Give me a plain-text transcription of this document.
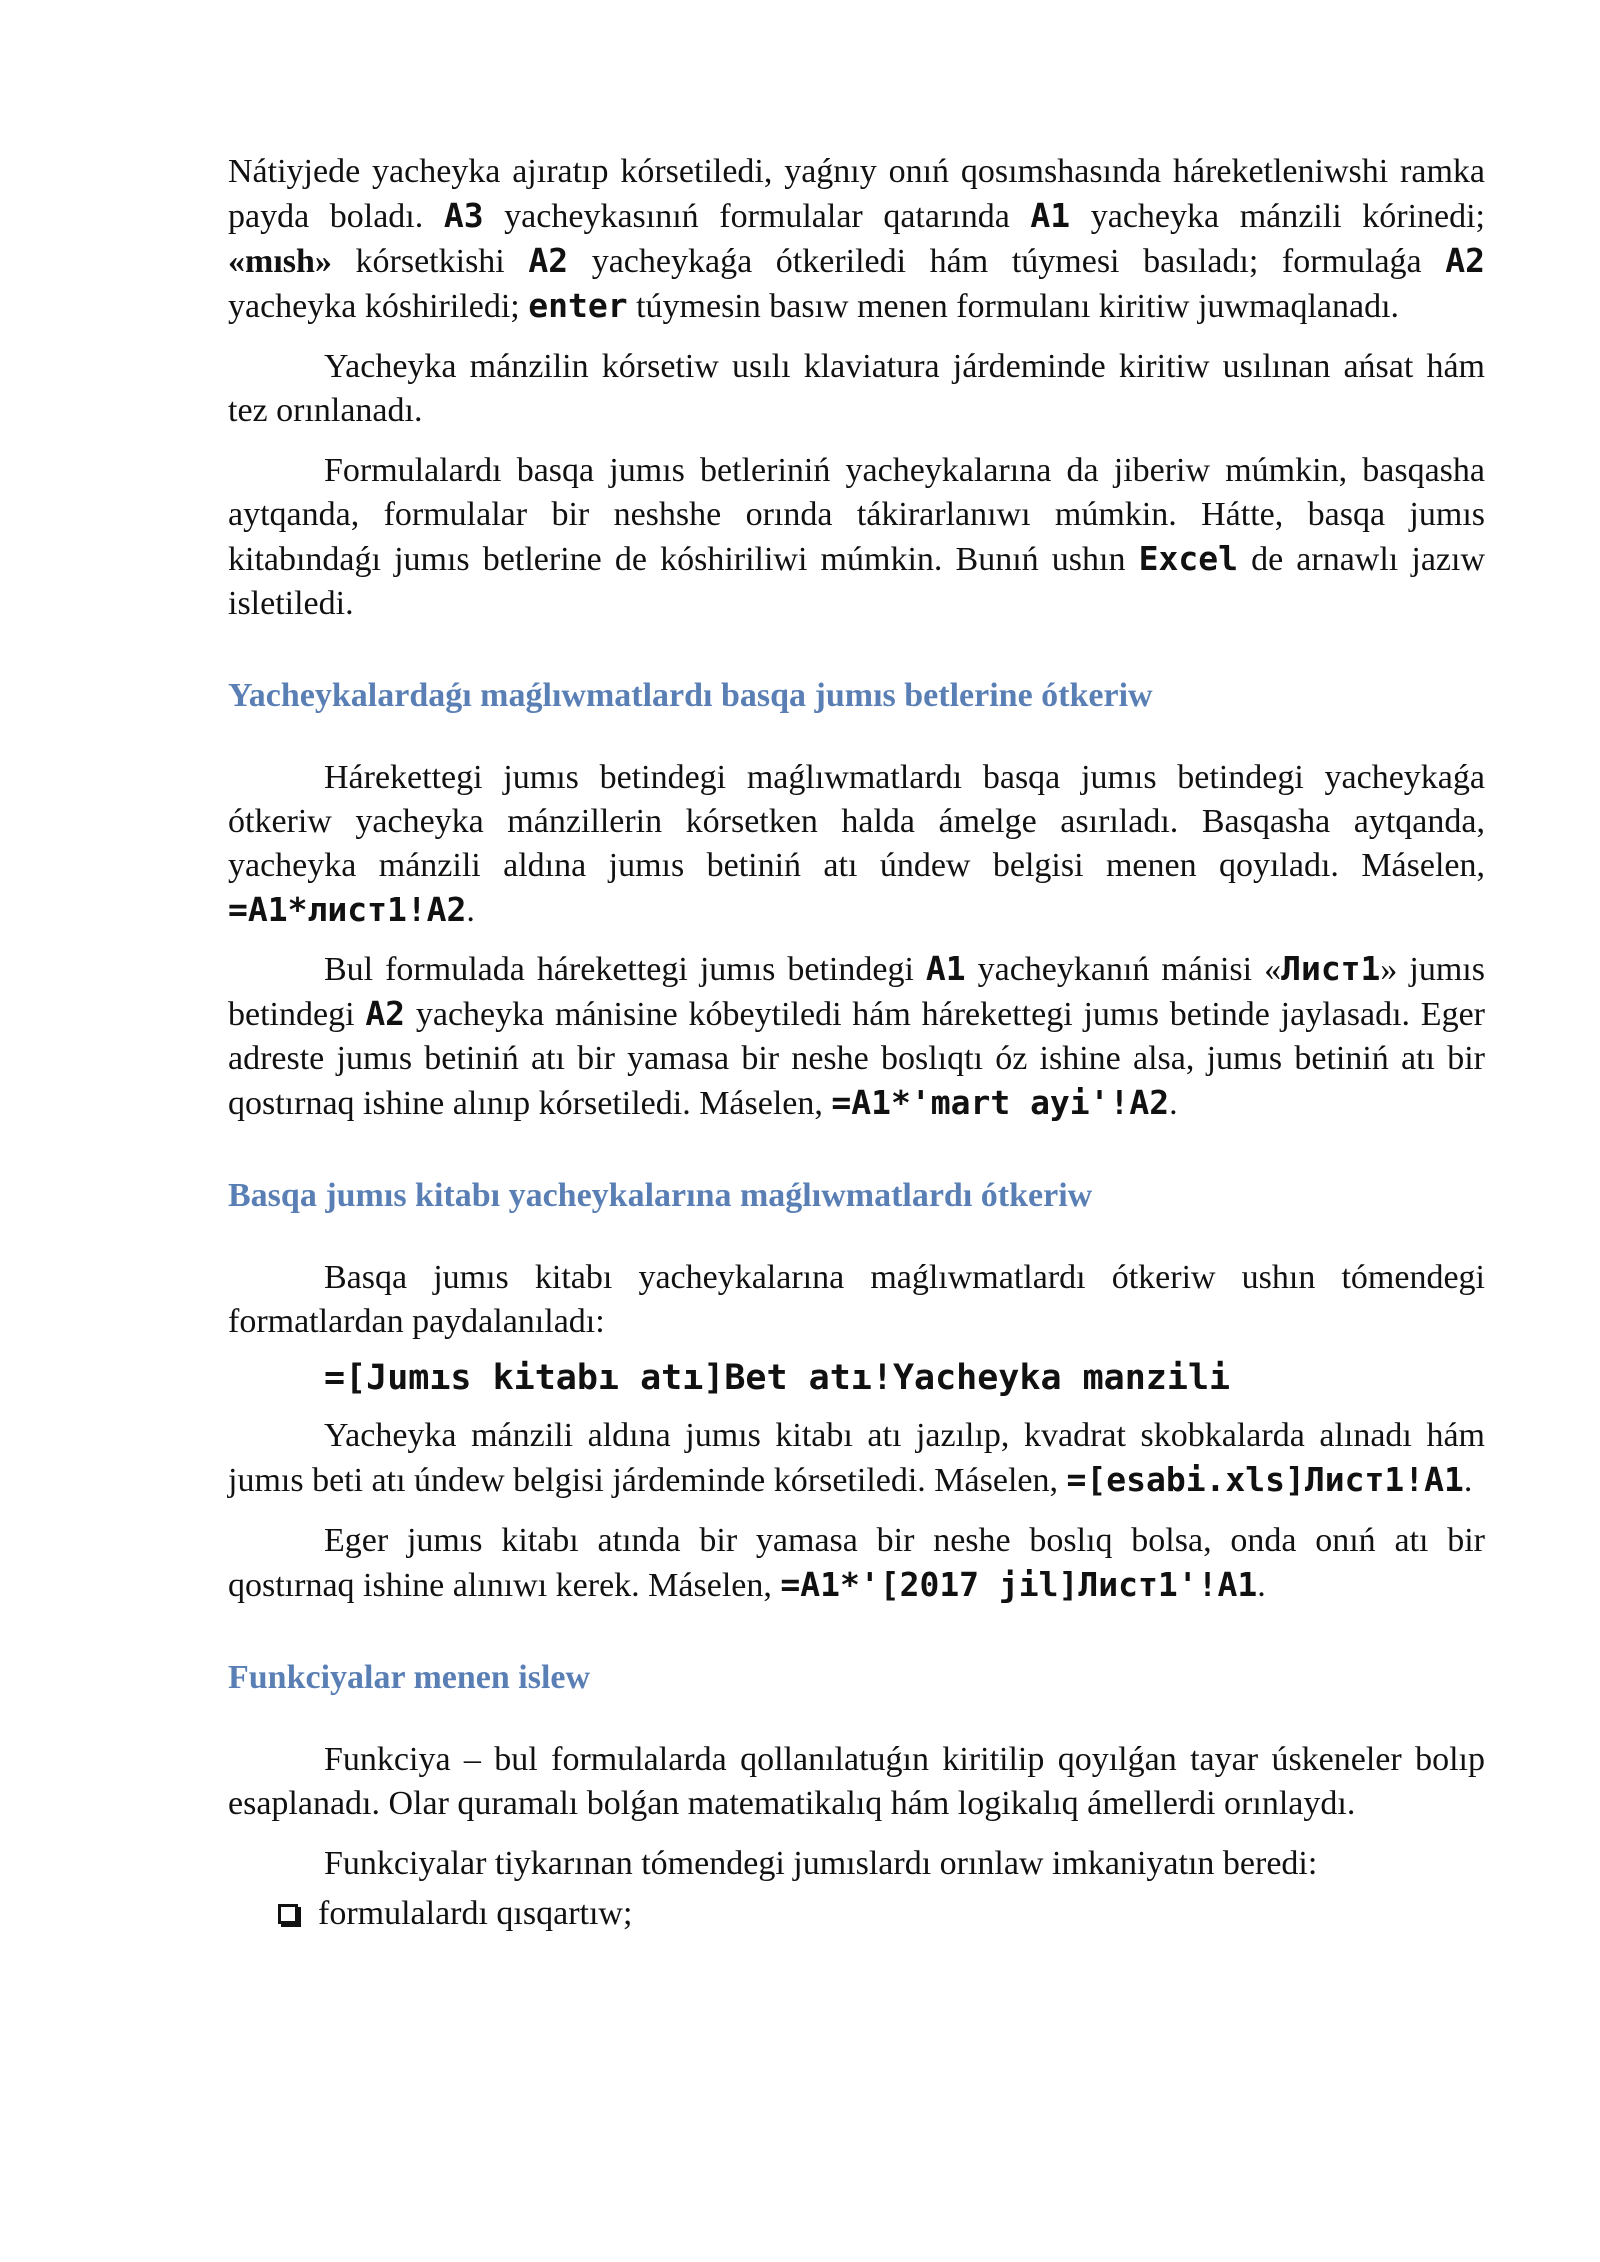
Nátiyjede yacheyka ajıratıp kórsetiledi, yaǵnıy onıń qosımshasında háreketleniwshi ramka payda boladı. A3 yacheykasınıń formulalar qatarında A1 yacheyka mánzili kórinedi; «mısh» kórsetkishi A2 yacheykaǵa ótkeriledi hám túymesi basıladı; formulaǵa A2 yacheyka kóshiriledi; enter túymesin basıw menen formulanı kiritiw juwmaqlanadı.

Yacheyka mánzilin kórsetiw usılı klaviatura járdeminde kiritiw usılınan ańsat hám tez orınlanadı.

Formulalardı basqa jumıs betleriniń yacheykalarına da jiberiw múmkin, basqasha aytqanda, formulalar bir neshshe orında tákirarlanıwı múmkin. Hátte, basqa jumıs kitabındaǵı jumıs betlerine de kóshiriliwi múmkin. Bunıń ushın Excel de arnawlı jazıw isletiledi.

Yacheykalardaǵı maǵlıwmatlardı basqa jumıs betlerine ótkeriw

Hárekettegi jumıs betindegi maǵlıwmatlardı basqa jumıs betindegi yacheykaǵa ótkeriw yacheyka mánzillerin kórsetken halda ámelge asırıladı. Basqasha aytqanda, yacheyka mánzili aldına jumıs betiniń atı úndew belgisi menen qoyıladı. Máselen, =A1*лист1!A2.

Bul formulada hárekettegi jumıs betindegi A1 yacheykanıń mánisi «Лист1» jumıs betindegi A2 yacheyka mánisine kóbeytiledi hám hárekettegi jumıs betinde jaylasadı. Eger adreste jumıs betiniń atı bir yamasa bir neshe boslıqtı óz ishine alsa, jumıs betiniń atı bir qostırnaq ishine alınıp kórsetiledi. Máselen, =A1*'mart ayi'!A2.

Basqa jumıs kitabı yacheykalarına maǵlıwmatlardı ótkeriw

Basqa jumıs kitabı yacheykalarına maǵlıwmatlardı ótkeriw ushın tómendegi formatlardan paydalanıladı:

=[Jumıs kitabı atı]Bet atı!Yacheyka manzili

Yacheyka mánzili aldına jumıs kitabı atı jazılıp, kvadrat skobkalarda alınadı hám jumıs beti atı úndew belgisi járdeminde kórsetiledi. Máselen, =[esabi.xls]Лист1!A1.

Eger jumıs kitabı atında bir yamasa bir neshe boslıq bolsa, onda onıń atı bir qostırnaq ishine alınıwı kerek. Máselen, =A1*'[2017 jil]Лист1'!A1.

Funkciyalar menen islew

Funkciya – bul formulalarda qollanılatuǵın kiritilip qoyılǵan tayar úskeneler bolıp esaplanadı. Olar quramalı bolǵan matematikalıq hám logikalıq ámellerdi orınlaydı.

Funkciyalar tiykarınan tómendegi jumıslardı orınlaw imkaniyatın beredi:

formulalardı qısqartıw;
